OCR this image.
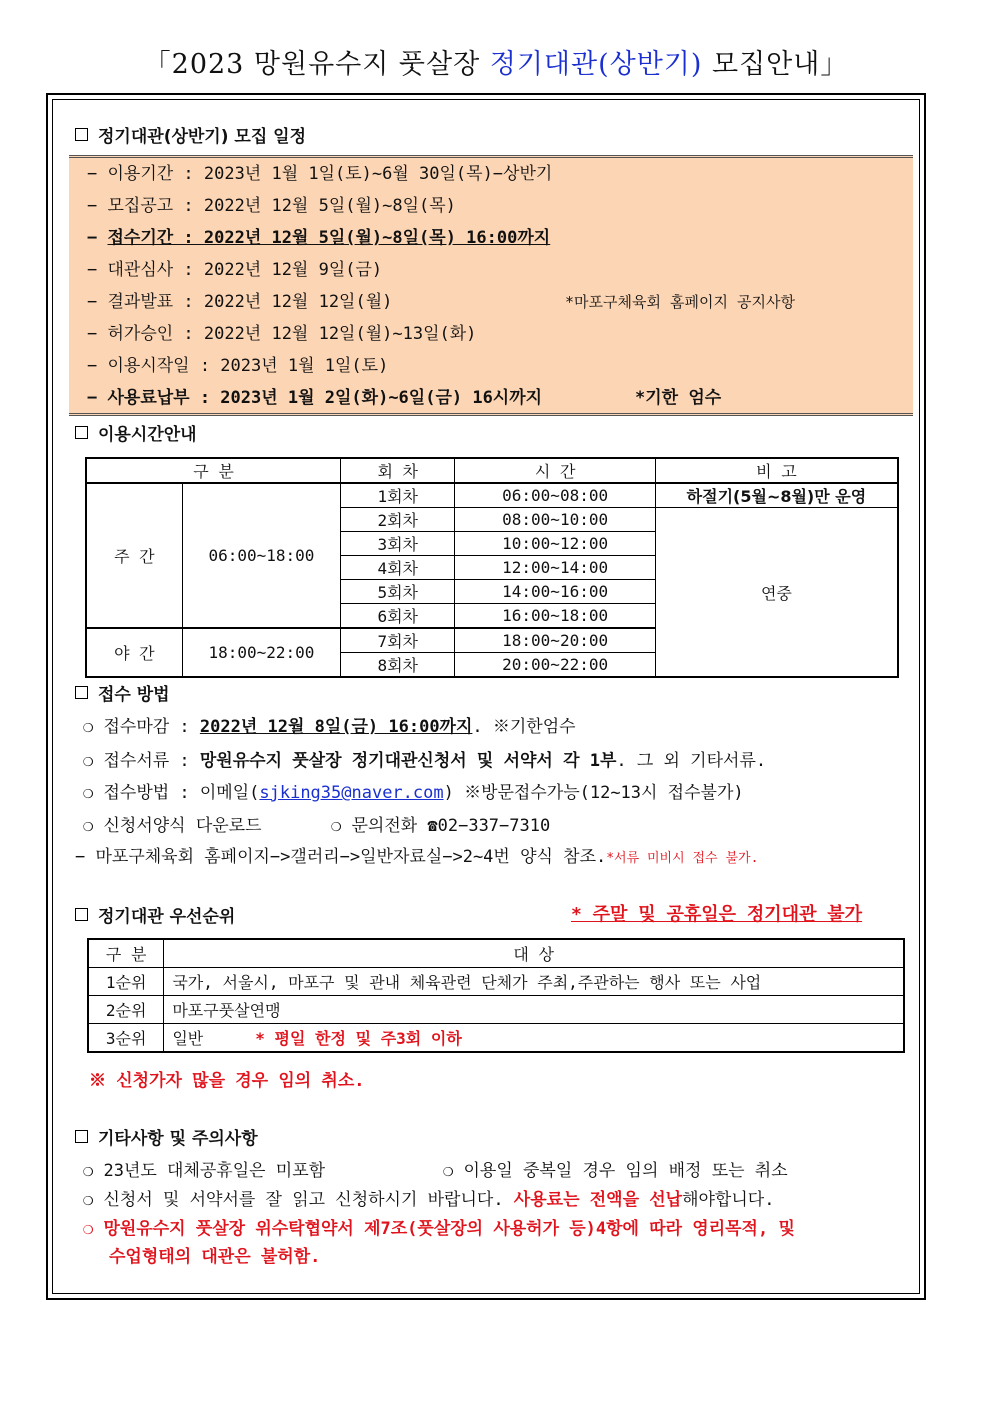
「2023 망원유수지 풋살장 정기대관(상반기) 모집안내」
정기대관(상반기) 모집 일정
− 이용기간 : 2023년 1월 1일(토)~6월 30일(목)−상반기
− 모집공고 : 2022년 12월 5일(월)~8일(목)
− 접수기간 : 2022년 12월 5일(월)~8일(목) 16:00까지
− 대관심사 : 2022년 12월 9일(금)
− 결과발표 : 2022년 12월 12일(월)	*마포구체육회 홈페이지 공지사항
− 허가승인 : 2022년 12월 12일(월)~13일(화)
− 이용시작일 : 2023년 1월 1일(토)
− 사용료납부 : 2023년 1월 2일(화)~6일(금) 16시까지	*기한 엄수
이용시간안내
구 분		회 차	시 간	비 고
주 간	06:00~18:00	1회차	06:00~08:00	하절기(5월~8월)만 운영
		2회차	08:00~10:00	연중
		3회차	10:00~12:00	
		4회차	12:00~14:00	
		5회차	14:00~16:00	
		6회차	16:00~18:00	
야 간	18:00~22:00	7회차	18:00~20:00	
		8회차	20:00~22:00	
접수 방법
❍ 접수마감 : 2022년 12월 8일(금) 16:00까지. ※기한엄수
❍ 접수서류 : 망원유수지 풋살장 정기대관신청서 및 서약서 각 1부. 그 외 기타서류.
❍ 접수방법 : 이메일(sjking35@naver.com) ※방문접수가능(12~13시 접수불가)
❍ 신청서양식 다운로드	❍ 문의전화 ☎02−337−7310
− 마포구체육회 홈페이지−>갤러리−>일반자료실−>2~4번 양식 참조.*서류 미비시 접수 불가.
정기대관 우선순위	* 주말 및 공휴일은 정기대관 불가
구 분	대 상
1순위	국가, 서울시, 마포구 및 관내 체육관련 단체가 주최,주관하는 행사 또는 사업
2순위	마포구풋살연맹
3순위	일반 * 평일 한정 및 주3회 이하
※ 신청가자 많을 경우 임의 취소.
기타사항 및 주의사항
❍ 23년도 대체공휴일은 미포함	❍ 이용일 중복일 경우 임의 배정 또는 취소
❍ 신청서 및 서약서를 잘 읽고 신청하시기 바랍니다. 사용료는 전액을 선납해야합니다.
❍ 망원유수지 풋살장 위수탁협약서 제7조(풋살장의 사용허가 등)4항에 따라 영리목적, 및
수업형태의 대관은 불허함.
